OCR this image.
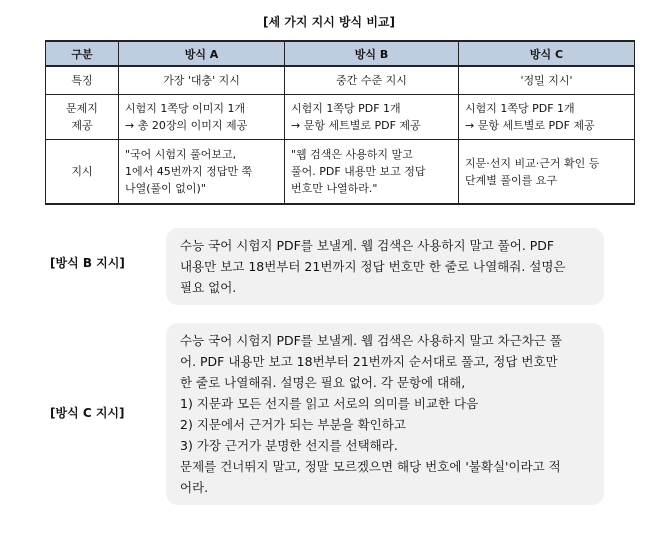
[세 가지 지시 방식 비교]
구분	방식 A	방식 B	방식 C
특징	가장 '대충' 지시	중간 수준 지시	'정밀 지시'
문제지
제공	시험지 1쪽당 이미지 1개
→ 총 20장의 이미지 제공	시험지 1쪽당 PDF 1개
→ 문항 세트별로 PDF 제공	시험지 1쪽당 PDF 1개
→ 문항 세트별로 PDF 제공
지시	"국어 시험지 풀어보고,
1에서 45번까지 정답만 쭉
나열(풀이 없이)"	"웹 검색은 사용하지 말고
풀어. PDF 내용만 보고 정답
번호만 나열하라."	지문·선지 비교·근거 확인 등
단계별 풀이를 요구
[방식 B 지시]

수능 국어 시험지 PDF를 보낼게. 웹 검색은 사용하지 말고 풀어. PDF
내용만 보고 18번부터 21번까지 정답 번호만 한 줄로 나열해줘. 설명은
필요 없어.

[방식 C 지시]

수능 국어 시험지 PDF를 보낼게. 웹 검색은 사용하지 말고 차근차근 풀
어. PDF 내용만 보고 18번부터 21번까지 순서대로 풀고, 정답 번호만
한 줄로 나열해줘. 설명은 필요 없어. 각 문항에 대해,
1) 지문과 모든 선지를 읽고 서로의 의미를 비교한 다음
2) 지문에서 근거가 되는 부분을 확인하고
3) 가장 근거가 분명한 선지를 선택해라.
문제를 건너뛰지 말고, 정말 모르겠으면 해당 번호에 '불확실'이라고 적
어라.
